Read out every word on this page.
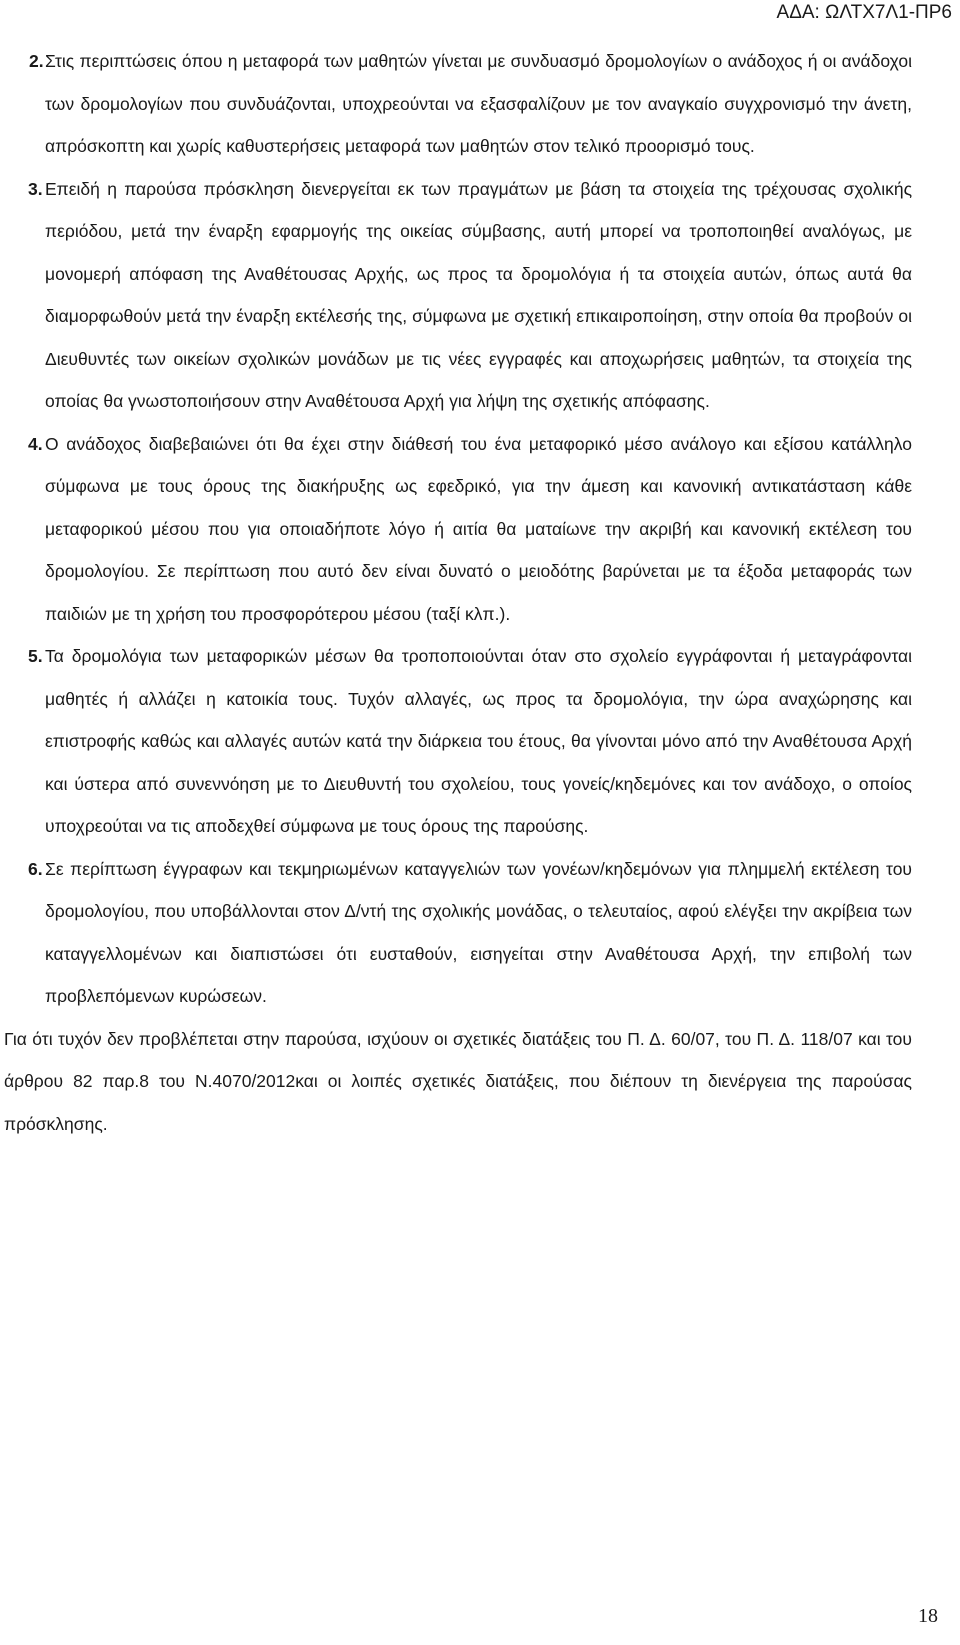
ΑΔΑ: ΩΛΤΧ7Λ1-ΠΡ6
2. Στις περιπτώσεις όπου η μεταφορά των μαθητών γίνεται με συνδυασμό δρομολογίων ο ανάδοχος ή οι ανάδοχοι των δρομολογίων που συνδυάζονται, υποχρεούνται να εξασφαλίζουν με τον αναγκαίο συγχρονισμό την άνετη, απρόσκοπτη και χωρίς καθυστερήσεις μεταφορά των μαθητών στον τελικό προορισμό τους.
3. Επειδή η παρούσα πρόσκληση διενεργείται εκ των πραγμάτων με βάση τα στοιχεία της τρέχουσας σχολικής περιόδου, μετά την έναρξη εφαρμογής της οικείας σύμβασης, αυτή μπορεί να τροποποιηθεί αναλόγως, με μονομερή απόφαση της Αναθέτουσας Αρχής, ως προς τα δρομολόγια ή τα στοιχεία αυτών, όπως αυτά θα διαμορφωθούν μετά την έναρξη εκτέλεσής της, σύμφωνα με σχετική επικαιροποίηση, στην οποία θα προβούν οι Διευθυντές των οικείων σχολικών μονάδων με τις νέες εγγραφές και αποχωρήσεις μαθητών, τα στοιχεία της οποίας θα γνωστοποιήσουν στην Αναθέτουσα Αρχή για λήψη της σχετικής απόφασης.
4. Ο ανάδοχος διαβεβαιώνει ότι θα έχει στην διάθεσή του ένα μεταφορικό μέσο ανάλογο και εξίσου κατάλληλο σύμφωνα με τους όρους της διακήρυξης ως εφεδρικό, για την άμεση και κανονική αντικατάσταση κάθε μεταφορικού μέσου που για οποιαδήποτε λόγο ή αιτία θα ματαίωνε την ακριβή και κανονική εκτέλεση του δρομολογίου. Σε περίπτωση που αυτό δεν είναι δυνατό ο μειοδότης βαρύνεται με τα έξοδα μεταφοράς των παιδιών με τη χρήση του προσφορότερου μέσου (ταξί κλπ.).
5. Τα δρομολόγια των μεταφορικών μέσων θα τροποποιούνται όταν στο σχολείο εγγράφονται ή μεταγράφονται μαθητές ή αλλάζει η κατοικία τους. Τυχόν αλλαγές, ως προς τα δρομολόγια, την ώρα αναχώρησης και επιστροφής καθώς και αλλαγές αυτών κατά την διάρκεια του έτους, θα γίνονται μόνο από την Αναθέτουσα Αρχή και ύστερα από συνεννόηση με το Διευθυντή του σχολείου, τους γονείς/κηδεμόνες και τον ανάδοχο, ο οποίος υποχρεούται να τις αποδεχθεί σύμφωνα με τους όρους της παρούσης.
6. Σε περίπτωση έγγραφων και τεκμηριωμένων καταγγελιών των γονέων/κηδεμόνων για πλημμελή εκτέλεση του δρομολογίου, που υποβάλλονται στον Δ/ντή της σχολικής μονάδας, ο τελευταίος, αφού ελέγξει την ακρίβεια των καταγγελλομένων και διαπιστώσει ότι ευσταθούν, εισηγείται στην Αναθέτουσα Αρχή, την επιβολή των προβλεπόμενων κυρώσεων.
Για ότι τυχόν δεν προβλέπεται στην παρούσα, ισχύουν οι σχετικές διατάξεις του Π. Δ. 60/07, του Π. Δ. 118/07 και του άρθρου 82 παρ.8 του Ν.4070/2012και οι λοιπές σχετικές διατάξεις, που διέπουν τη διενέργεια της παρούσας πρόσκλησης.
18
